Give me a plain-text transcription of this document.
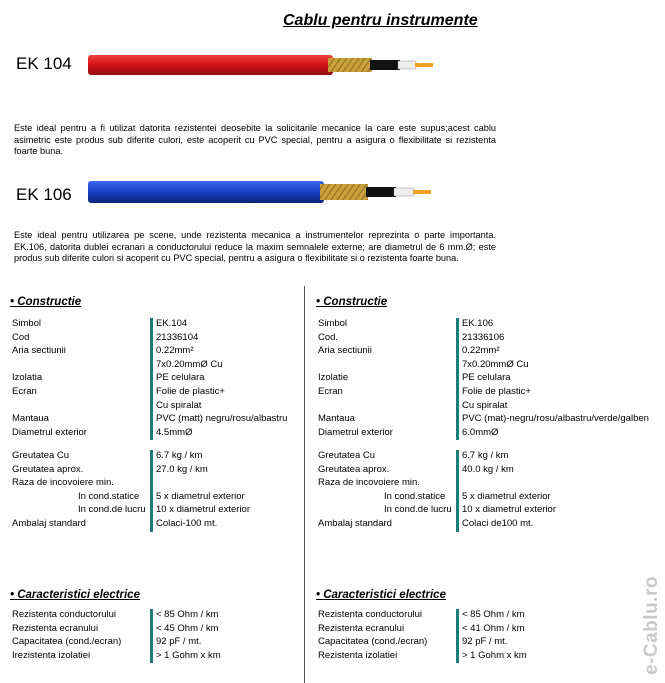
Cablu pentru instrumente
EK 104
Este ideal pentru a fi utilizat datorita rezistentei deosebite la solicitarile mecanice la care este supus;acest cablu asimetric este produs sub diferite culori, este acoperit cu PVC special, pentru a asigura o flexibilitate si rezistenta foarte buna.
EK 106
Este ideal pentru utilizarea pe scene, unde rezistenta mecanica a instrumentelor reprezinta o parte importanta. EK.106, datorita dublei ecranari a conductorului reduce la maxim semnalele externe; are diametrul de 6 mm.Ø; este produs sub diferite culori si acoperit cu PVC special, pentru a asigura o flexibilitate si o rezistenta foarte buna.
• Constructie
Simbol	EK.104
Cod	21336104
Aria sectiunii	0.22mm²
7x0.20mmØ Cu
Izolatia	PE celulara
Ecran	Folie de plastic+
Cu spiralat
Mantaua	PVC (matt) negru/rosu/albastru
Diametrul exterior	4.5mmØ
Greutatea Cu	6.7 kg / km
Greutatea aprox.	27.0 kg / km
Raza de incovoiere min.
In cond.statice 5 x diametrul exterior
In cond.de lucru 10 x diametrul exterior
Ambalaj standard	Colaci-100 mt.
• Caracteristici electrice
Rezistenta conductorului	< 85 Ohm / km
Rezistenta ecranului	< 45 Ohm / km
Capacitatea (cond./ecran)	92 pF / mt.
Irezistenta izolatiei	> 1 Gohm x km
• Constructie
Simbol	EK.106
Cod.	21336106
Aria sectiunii	0.22mm²
7x0.20mmØ Cu
Izolatie	PE celulara
Ecran	Folie de plastic+
Cu spiralat
Mantaua	PVC (mat)-negru/rosu/albastru/verde/galben
Diametrul exterior	6.0mmØ
Greutatea Cu	6.7 kg / km
Greutatea aprox.	40.0 kg / km
Raza de incovoiere min.
In cond.statice 5 x diametrul exterior
In cond.de lucru 10 x diametrul exterior
Ambalaj standard	Colaci de100 mt.
• Caracteristici electrice
Rezistenta conductorului	< 85 Ohm / km
Rezistenta ecranului	< 41 Ohm / km
Capacitatea (cond./ecran)	92 pF / mt.
Rezistenta izolatiei	> 1 Gohm x km	e-Cablu.ro
